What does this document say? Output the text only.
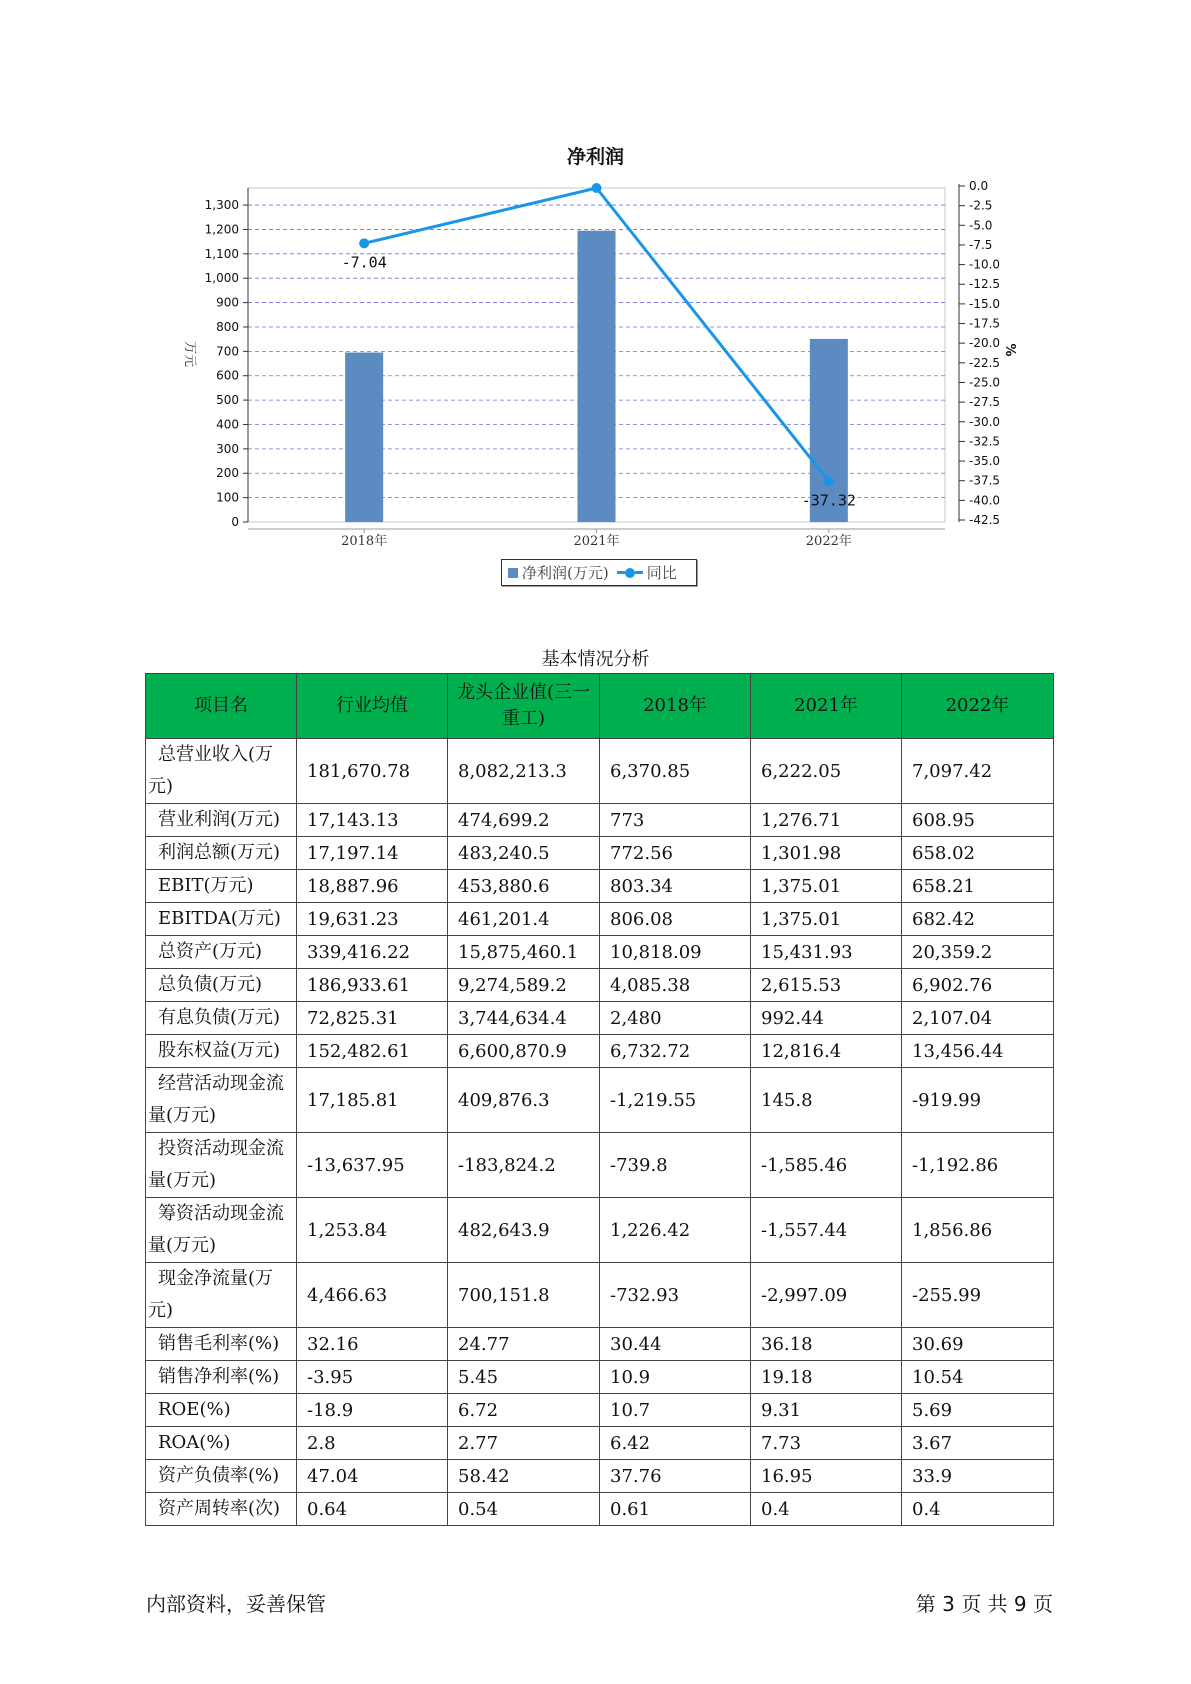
净利润
0
100
200
300
400
500
600
700
800
900
1,000
1,100
1,200
1,300
0.0
-2.5
-5.0
-7.5
-10.0
-12.5
-15.0
-17.5
-20.0
-22.5
-25.0
-27.5
-30.0
-32.5
-35.0
-37.5
-40.0
-42.5
万元	%
2018年	2021年	2022年
-7.04
-37.32
净利润(万元)	同比
基本情况分析
项目名	行业均值	龙头企业值(三一重工)	2018年	2021年	2022年
总营业收入(万元)	181,670.78	8,082,213.3	6,370.85	6,222.05	7,097.42
营业利润(万元)	17,143.13	474,699.2	773	1,276.71	608.95
利润总额(万元)	17,197.14	483,240.5	772.56	1,301.98	658.02
EBIT(万元)	18,887.96	453,880.6	803.34	1,375.01	658.21
EBITDA(万元)	19,631.23	461,201.4	806.08	1,375.01	682.42
总资产(万元)	339,416.22	15,875,460.1	10,818.09	15,431.93	20,359.2
总负债(万元)	186,933.61	9,274,589.2	4,085.38	2,615.53	6,902.76
有息负债(万元)	72,825.31	3,744,634.4	2,480	992.44	2,107.04
股东权益(万元)	152,482.61	6,600,870.9	6,732.72	12,816.4	13,456.44
经营活动现金流量(万元)	17,185.81	409,876.3	-1,219.55	145.8	-919.99
投资活动现金流量(万元)	-13,637.95	-183,824.2	-739.8	-1,585.46	-1,192.86
筹资活动现金流量(万元)	1,253.84	482,643.9	1,226.42	-1,557.44	1,856.86
现金净流量(万元)	4,466.63	700,151.8	-732.93	-2,997.09	-255.99
销售毛利率(%)	32.16	24.77	30.44	36.18	30.69
销售净利率(%)	-3.95	5.45	10.9	19.18	10.54
ROE(%)	-18.9	6.72	10.7	9.31	5.69
ROA(%)	2.8	2.77	6.42	7.73	3.67
资产负债率(%)	47.04	58.42	37.76	16.95	33.9
资产周转率(次)	0.64	0.54	0.61	0.4	0.4
内部资料，妥善保管	第 3 页 共 9 页
